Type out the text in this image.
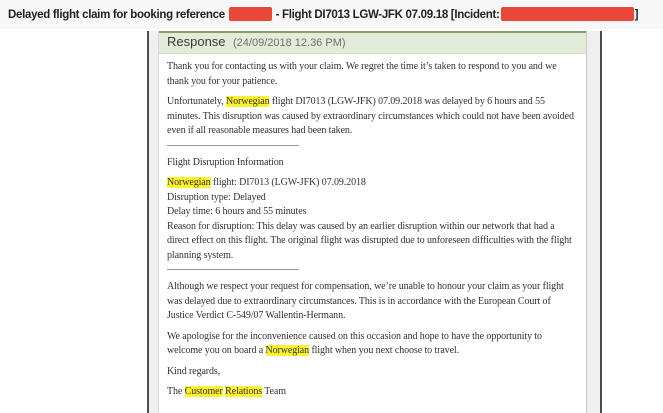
Delayed flight claim for booking reference	- Flight DI7013 LGW-JFK 07.09.18 [Incident:	]
Response (24/09/2018 12.36 PM)

Thank you for contacting us with your claim. We regret the time it’s taken to respond to you and we thank you for your patience.

Unfortunately, Norwegian flight DI7013 (LGW-JFK) 07.09.2018 was delayed by 6 hours and 55 minutes. This disruption was caused by extraordinary circumstances which could not have been avoided even if all reasonable measures had been taken.

Flight Disruption Information

Norwegian flight: DI7013 (LGW-JFK) 07.09.2018

Disruption type: Delayed

Delay time: 6 hours and 55 minutes

Reason for disruption: This delay was caused by an earlier disruption within our network that had a direct effect on this flight. The original flight was disrupted due to unforeseen difficulties with the flight planning system.

Although we respect your request for compensation, we’re unable to honour your claim as your flight was delayed due to extraordinary circumstances. This is in accordance with the European Court of Justice Verdict C-549/07 Wallentin-Hermann.

We apologise for the inconvenience caused on this occasion and hope to have the opportunity to welcome you on board a Norwegian flight when you next choose to travel.

Kind regards,

The Customer Relations Team
